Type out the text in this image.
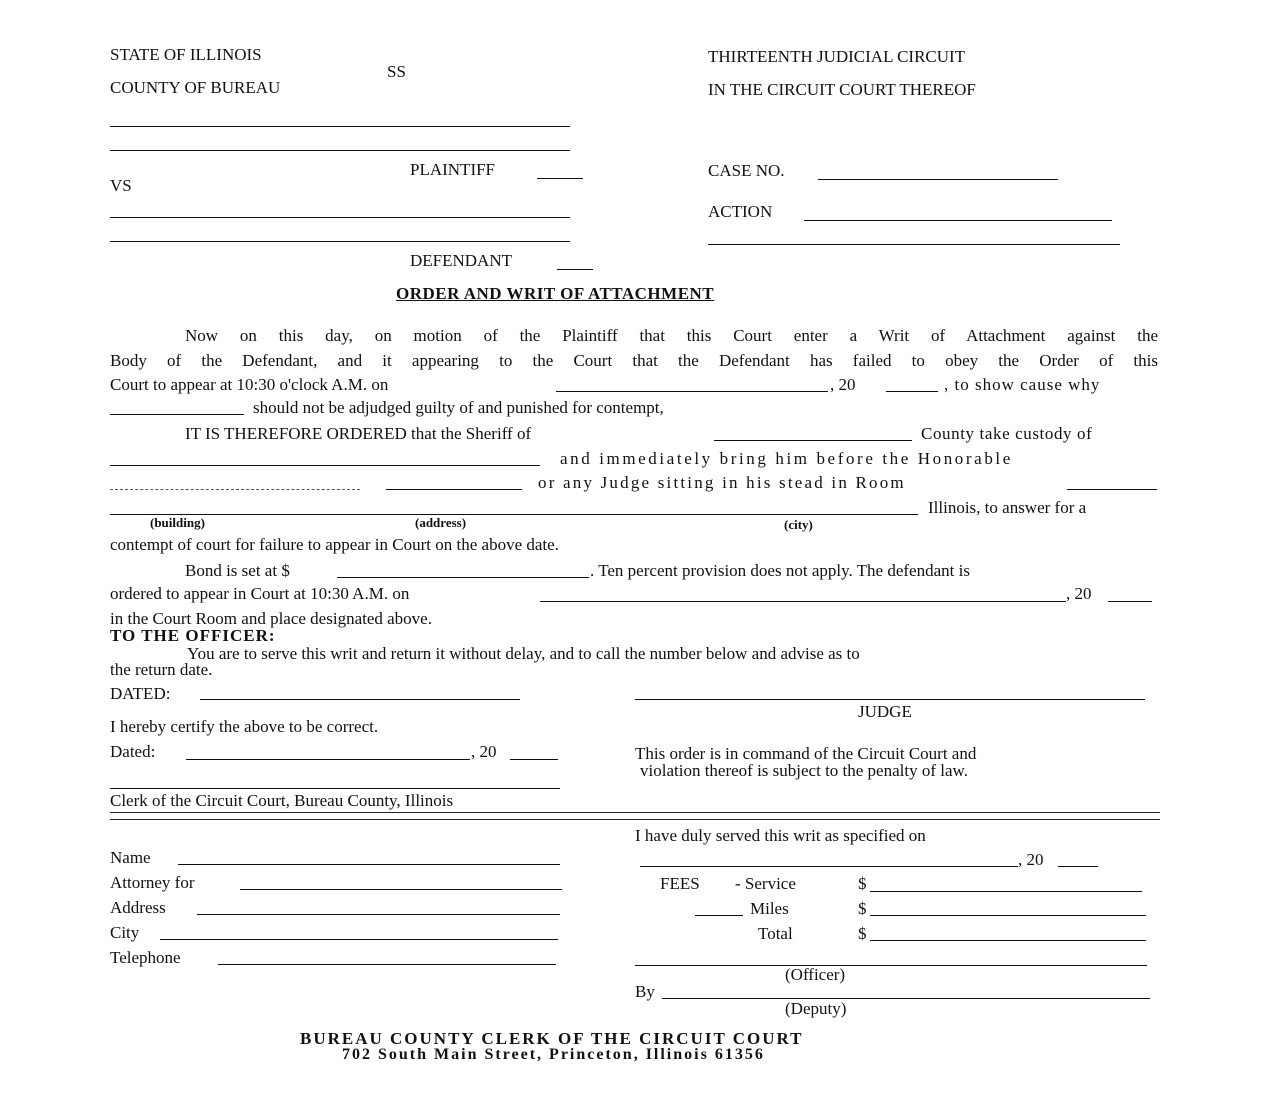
STATE OF ILLINOIS
COUNTY OF BUREAU
SS
THIRTEENTH JUDICIAL CIRCUIT
IN THE CIRCUIT COURT THEREOF
PLAINTIFF
VS
DEFENDANT
CASE NO.
ACTION
ORDER AND WRIT OF ATTACHMENT
Now on this day, on motion of the Plaintiff that this Court enter a Writ of Attachment against the
Body of the Defendant, and it appearing to the Court that the Defendant has failed to obey the Order of this
Court to appear at 10:30 o'clock A.M. on	, 20	, to show cause why
should not be adjudged guilty of and punished for contempt,
IT IS THEREFORE ORDERED that the Sheriff of	County take custody of
and immediately bring him before the Honorable
or any Judge sitting in his stead in Room
Illinois, to answer for a
(building)	(address)	(city)
contempt of court for failure to appear in Court on the above date.
Bond is set at $	. Ten percent provision does not apply. The defendant is
ordered to appear in Court at 10:30 A.M. on	, 20
in the Court Room and place designated above.
TO THE OFFICER:
You are to serve this writ and return it without delay, and to call the number below and advise as to
the return date.
DATED:
JUDGE
I hereby certify the above to be correct.
Dated:	, 20	This order is in command of the Circuit Court and
violation thereof is subject to the penalty of law.
Clerk of the Circuit Court, Bureau County, Illinois
I have duly served this writ as specified on
, 20
FEES - Service	$
Miles	$
Total	$
(Officer)
By
(Deputy)
Name
Attorney for
Address
City
Telephone
BUREAU COUNTY CLERK OF THE CIRCUIT COURT
702 South Main Street, Princeton, Illinois 61356
